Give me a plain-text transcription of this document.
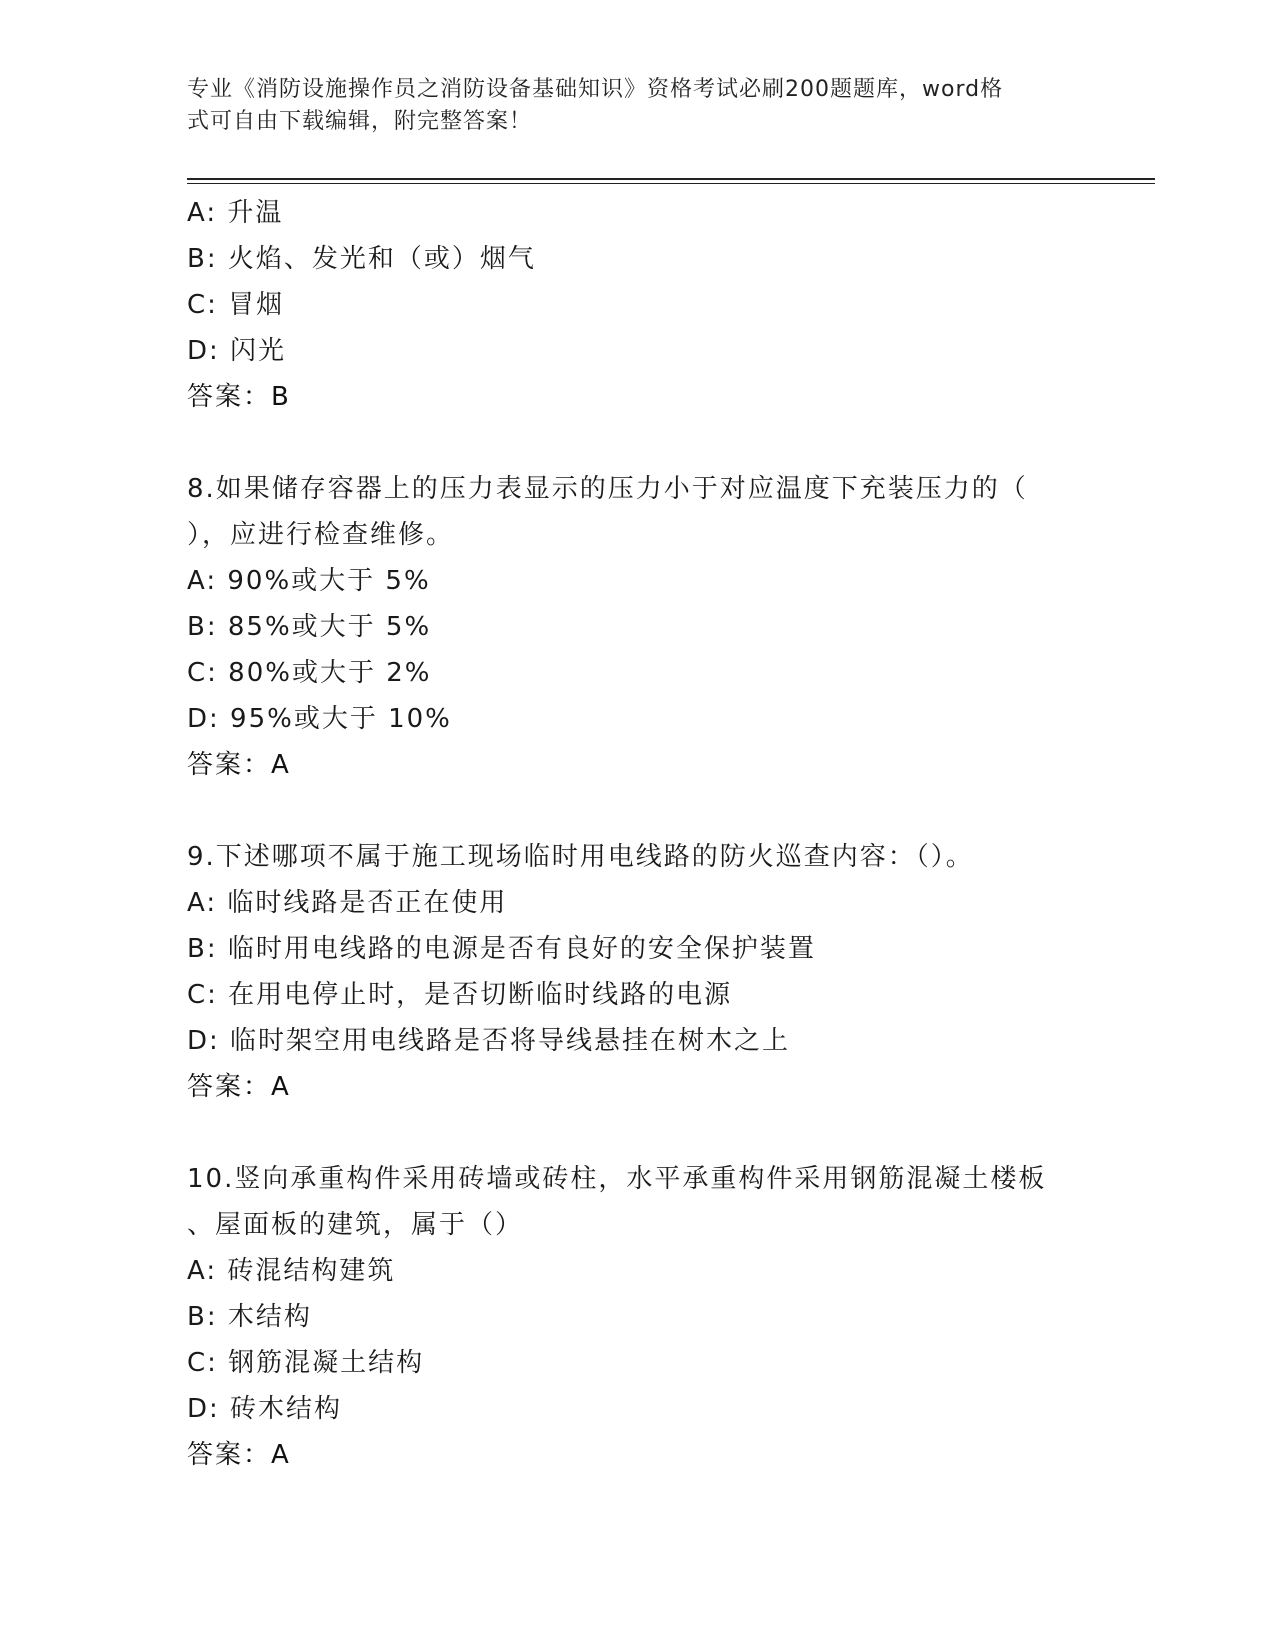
专业《消防设施操作员之消防设备基础知识》资格考试必刷200题题库，word格
式可自由下载编辑，附完整答案！
A: 升温
B: 火焰、发光和（或）烟气
C: 冒烟
D: 闪光
答案：B
8.如果储存容器上的压力表显示的压力小于对应温度下充装压力的（
），应进行检查维修。
A: 90%或大于 5%
B: 85%或大于 5%
C: 80%或大于 2%
D: 95%或大于 10%
答案：A
9.下述哪项不属于施工现场临时用电线路的防火巡查内容：（）。
A: 临时线路是否正在使用
B: 临时用电线路的电源是否有良好的安全保护装置
C: 在用电停止时，是否切断临时线路的电源
D: 临时架空用电线路是否将导线悬挂在树木之上
答案：A
10.竖向承重构件采用砖墙或砖柱，水平承重构件采用钢筋混凝土楼板
、屋面板的建筑，属于（）
A: 砖混结构建筑
B: 木结构
C: 钢筋混凝土结构
D: 砖木结构
答案：A
